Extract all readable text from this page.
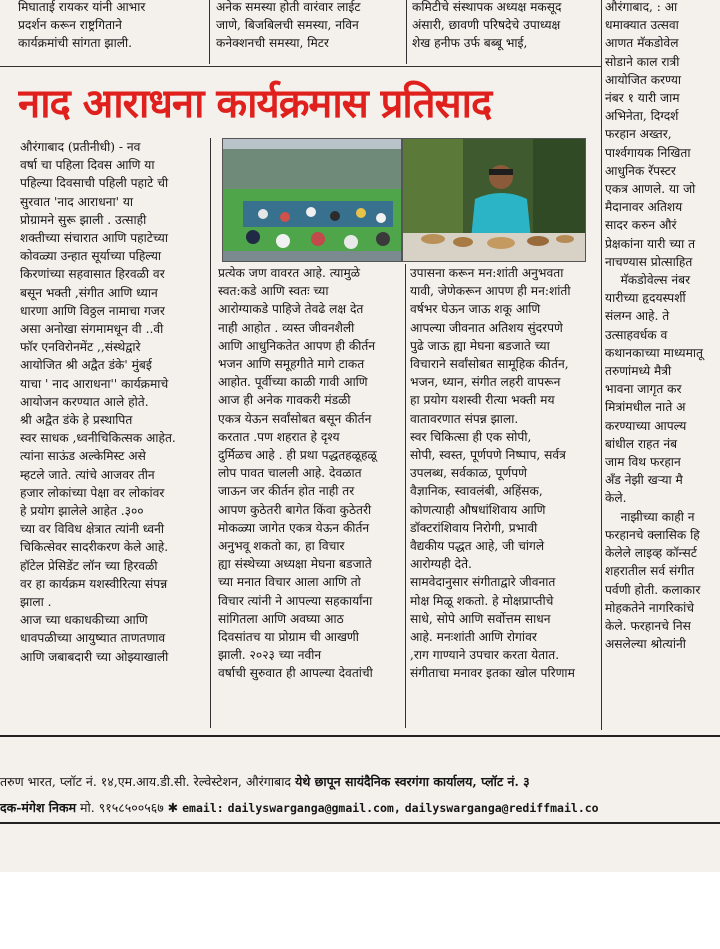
मिघाताई रायकर यांनी आभार
प्रदर्शन करून राष्ट्रगिताने
कार्यक्रमांची सांगता झाली.
अनेक समस्या होती वारंवार लाईट
जाणे, बिजबिलची समस्या, नविन
कनेक्शनची समस्या, मिटर
कमिटीचे संस्थापक अध्यक्ष मकसूद
अंसारी, छावणी परिषदेचे उपाध्यक्ष
शेख हनीफ उर्फ बब्बू भाई,
नाद आराधना कार्यक्रमास प्रतिसाद
औरंगाबाद (प्रतीनीधी) - नव
वर्षा चा पहिला दिवस आणि या
पहिल्या दिवसाची पहिली पहाटे ची
सुरवात 'नाद आराधना' या
प्रोग्रामने सुरू झाली . उत्साही
शक्तीच्या संचारात आणि पहाटेच्या
कोवळ्या उन्हात सूर्याच्या पहिल्या
किरणांच्या सहवासात हिरवळी वर
बसून भक्ती ,संगीत आणि ध्यान
धारणा आणि विठ्ठल नामाचा गजर
असा अनोखा संगमामधून वी ..वी
फॉर एनविरोनमेंट ,,संस्थेद्वारे
आयोजित श्री अद्वैत डंके' मुंबई
याचा ' नाद आराधना'' कार्यक्रमाचे
आयोजन करण्यात आले होते.
श्री अद्वैत डंके हे प्रस्थापित
स्वर साधक ,ध्वनीचिकित्सक आहेत.
त्यांना साऊंड अल्केमिस्ट असे
म्हटले जाते. त्यांचे आजवर तीन
हजार लोकांच्या पेक्षा वर लोकांवर
हे प्रयोग झालेले आहेत .३००
च्या वर विविध क्षेत्रात त्यांनी ध्वनी
चिकित्सेवर सादरीकरण केले आहे.
हॉटेल प्रेसिडेंट लॉन च्या हिरवळी
वर हा कार्यक्रम यशस्वीरित्या संपन्न
झाला .
आज च्या धकाधकीच्या आणि
धावपळीच्या आयुष्यात ताणतणाव
आणि जबाबदारी च्या ओझ्याखाली
प्रत्येक जण वावरत आहे. त्यामुळे
स्वत:कडे आणि स्वतः च्या
आरोग्याकडे पाहिजे तेवढे लक्ष देत
नाही आहोत . व्यस्त जीवनशैली
आणि आधुनिकतेत आपण ही कीर्तन
भजन आणि समूहगीते मागे टाकत
आहोत. पूर्वीच्या काळी गावी आणि
आज ही अनेक गावकरी मंडळी
एकत्र येऊन सर्वांसोबत बसून कीर्तन
करतात .पण शहरात हे दृश्य
दुर्मिळच आहे . ही प्रथा पद्धतहळूहळू
लोप पावत चालली आहे. देवळात
जाऊन जर कीर्तन होत नाही तर
आपण कुठेतरी बागेत किंवा कुठेतरी
मोकळ्या जागेत एकत्र येऊन कीर्तन
अनुभवू शकतो का, हा विचार
ह्या संस्थेच्या अध्यक्षा मेघना बडजाते
च्या मनात विचार आला आणि तो
विचार त्यांनी ने आपल्या सहकार्यांना
सांगितला आणि अवघ्या आठ
दिवसांतच या प्रोग्राम ची आखणी
झाली. २०२३ च्या नवीन
वर्षाची सुरुवात ही आपल्या देवतांची
उपासना करून मन:शांती अनुभवता
यावी, जेणेकरून आपण ही मन:शांती
वर्षभर घेऊन जाऊ शकू आणि
आपल्या जीवनात अतिशय सुंदरपणे
पुढे जाऊ ह्या मेघना बडजाते च्या
विचाराने सर्वांसोबत सामूहिक कीर्तन,
भजन, ध्यान, संगीत लहरी वापरून
हा प्रयोग यशस्वी रीत्या भक्ती मय
वातावरणात संपन्न झाला.
स्वर चिकित्सा ही एक सोपी,
सोपी, स्वस्त, पूर्णपणे निष्पाप, सर्वत्र
उपलब्ध, सर्वकाळ, पूर्णपणे
वैज्ञानिक, स्वावलंबी, अहिंसक,
कोणत्याही औषधांशिवाय आणि
डॉक्टरांशिवाय निरोगी, प्रभावी
वैद्यकीय पद्धत आहे, जी चांगले
आरोग्यही देते.
सामवेदानुसार संगीताद्वारे जीवनात
मोक्ष मिळू शकतो. हे मोक्षप्राप्तीचे
साधे, सोपे आणि सर्वोत्तम साधन
आहे. मनःशांती आणि रोगांवर
,राग गाण्याने उपचार करता येतात.
संगीताचा मनावर इतका खोल परिणाम
औरंगाबाद, : आ
धमाक्यात उत्सवा
आणत मॅकडोवेल
सोडाने काल रात्री
आयोजित करण्या
नंबर १ यारी जाम
अभिनेता, दिग्दर्श
फरहान अख्तर,
पार्श्वगायक निखिता
आधुनिक रॅपस्टर
एकत्र आणले. या जो
मैदानावर अतिशय
सादर करुन औरं
प्रेक्षकांना यारी च्या त
नाचण्यास प्रोत्साहित
मॅकडोवेल्स नंबर
यारीच्या हृदयस्पर्शी
संलग्न आहे. ते
उत्साहवर्धक व
कथानकाच्या माध्यमातू
तरुणांमध्ये मैत्री
भावना जागृत कर
मित्रांमधील नाते अ
करण्याच्या आपल्य
बांधील राहत नंब
जाम विथ फरहान
अँड नेझी खऱ्या मै
केले.
नाझीच्या काही न
फरहानचे क्लासिक हि
केलेले लाइव्ह कॉन्सर्ट
शहरातील सर्व संगीत
पर्वणी होती. कलाकार
मोहकतेने नागरिकांचे
केले. फरहानचे निस
असलेल्या श्रोत्यांनी
तरुण भारत, प्लॉट नं. १४,एम.आय.डी.सी. रेल्वेस्टेशन, औरंगाबाद येथे छापून सायंदैनिक स्वरगंगा कार्यालय, प्लॉट नं. ३
दक-मंगेश निकम मो. ९१५८५००५६७ ✱ email: dailyswarganga@gmail.com, dailyswarganga@rediffmail.co
